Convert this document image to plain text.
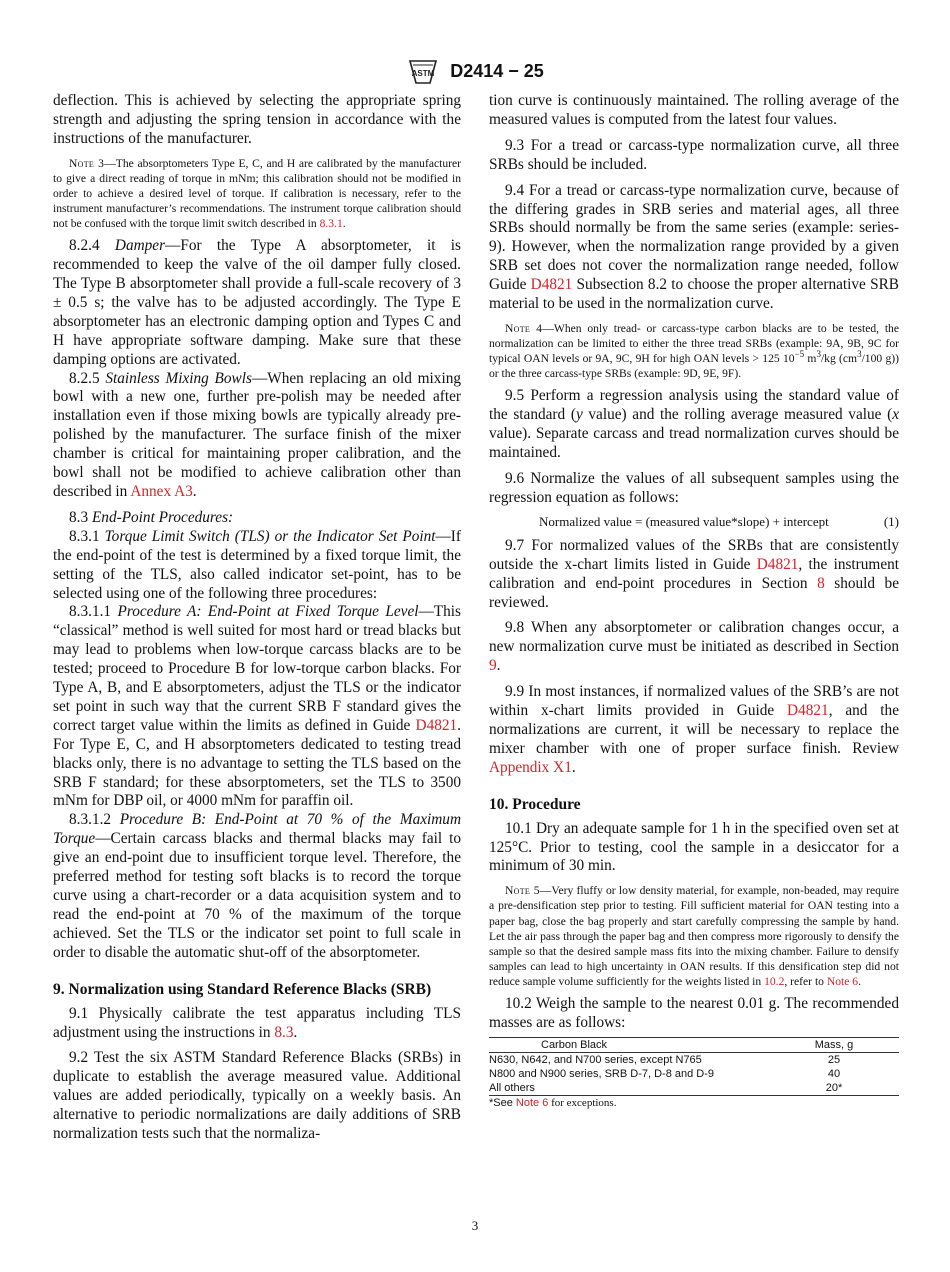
ASTM D2414 − 25

deflection. This is achieved by selecting the appropriate spring strength and adjusting the spring tension in accordance with the instructions of the manufacturer.

Note 3—The absorptometers Type E, C, and H are calibrated by the manufacturer to give a direct reading of torque in mNm; this calibration should not be modified in order to achieve a desired level of torque. If calibration is necessary, refer to the instrument manufacturer’s recommendations. The instrument torque calibration should not be confused with the torque limit switch described in 8.3.1.

8.2.4 Damper—For the Type A absorptometer, it is recommended to keep the valve of the oil damper fully closed. The Type B absorptometer shall provide a full-scale recovery of 3 ± 0.5 s; the valve has to be adjusted accordingly. The Type E absorptometer has an electronic damping option and Types C and H have appropriate software damping. Make sure that these damping options are activated.

8.2.5 Stainless Mixing Bowls—When replacing an old mixing bowl with a new one, further pre-polish may be needed after installation even if those mixing bowls are typically already pre-polished by the manufacturer. The surface finish of the mixer chamber is critical for maintaining proper calibration, and the bowl shall not be modified to achieve calibration other than described in Annex A3.

8.3 End-Point Procedures:

8.3.1 Torque Limit Switch (TLS) or the Indicator Set Point—If the end-point of the test is determined by a fixed torque limit, the setting of the TLS, also called indicator set-point, has to be selected using one of the following three procedures:

8.3.1.1 Procedure A: End-Point at Fixed Torque Level—This “classical” method is well suited for most hard or tread blacks but may lead to problems when low-torque carcass blacks are to be tested; proceed to Procedure B for low-torque carbon blacks. For Type A, B, and E absorptometers, adjust the TLS or the indicator set point in such way that the current SRB F standard gives the correct target value within the limits as defined in Guide D4821. For Type E, C, and H absorptometers dedicated to testing tread blacks only, there is no advantage to setting the TLS based on the SRB F standard; for these absorptometers, set the TLS to 3500 mNm for DBP oil, or 4000 mNm for paraffin oil.

8.3.1.2 Procedure B: End-Point at 70 % of the Maximum Torque—Certain carcass blacks and thermal blacks may fail to give an end-point due to insufficient torque level. Therefore, the preferred method for testing soft blacks is to record the torque curve using a chart-recorder or a data acquisition system and to read the end-point at 70 % of the maximum of the torque achieved. Set the TLS or the indicator set point to full scale in order to disable the automatic shut-off of the absorptometer.

9. Normalization using Standard Reference Blacks (SRB)

9.1 Physically calibrate the test apparatus including TLS adjustment using the instructions in 8.3.

9.2 Test the six ASTM Standard Reference Blacks (SRBs) in duplicate to establish the average measured value. Additional values are added periodically, typically on a weekly basis. An alternative to periodic normalizations are daily additions of SRB normalization tests such that the normaliza-

tion curve is continuously maintained. The rolling average of the measured values is computed from the latest four values.

9.3 For a tread or carcass-type normalization curve, all three SRBs should be included.

9.4 For a tread or carcass-type normalization curve, because of the differing grades in SRB series and material ages, all three SRBs should normally be from the same series (example: series-9). However, when the normalization range provided by a given SRB set does not cover the normalization range needed, follow Guide D4821 Subsection 8.2 to choose the proper alternative SRB material to be used in the normalization curve.

Note 4—When only tread- or carcass-type carbon blacks are to be tested, the normalization can be limited to either the three tread SRBs (example: 9A, 9B, 9C for typical OAN levels or 9A, 9C, 9H for high OAN levels > 125 $10^{-5}$ $m^3/kg$ ($cm^3/100$ g)) or the three carcass-type SRBs (example: 9D, 9E, 9F).

9.5 Perform a regression analysis using the standard value of the standard (y value) and the rolling average measured value (x value). Separate carcass and tread normalization curves should be maintained.

9.6 Normalize the values of all subsequent samples using the regression equation as follows:

Normalized value = (measured value*slope) + intercept	(1)

9.7 For normalized values of the SRBs that are consistently outside the x-chart limits listed in Guide D4821, the instrument calibration and end-point procedures in Section 8 should be reviewed.

9.8 When any absorptometer or calibration changes occur, a new normalization curve must be initiated as described in Section 9.

9.9 In most instances, if normalized values of the SRB’s are not within x-chart limits provided in Guide D4821, and the normalizations are current, it will be necessary to replace the mixer chamber with one of proper surface finish. Review Appendix X1.

10. Procedure

10.1 Dry an adequate sample for 1 h in the specified oven set at 125°C. Prior to testing, cool the sample in a desiccator for a minimum of 30 min.

Note 5—Very fluffy or low density material, for example, non-beaded, may require a pre-densification step prior to testing. Fill sufficient material for OAN testing into a paper bag, close the bag properly and start carefully compressing the sample by hand. Let the air pass through the paper bag and then compress more rigorously to densify the sample so that the desired sample mass fits into the mixing chamber. Failure to densify samples can lead to high uncertainty in OAN results. If this densification step did not reduce sample volume sufficiently for the weights listed in 10.2, refer to Note 6.

10.2 Weigh the sample to the nearest 0.01 g. The recommended masses are as follows:

Carbon Black	Mass, g

N630, N642, and N700 series, except N765	25
N800 and N900 series, SRB D-7, D-8 and D-9	40
All others	20*

*See Note 6 for exceptions.
3
